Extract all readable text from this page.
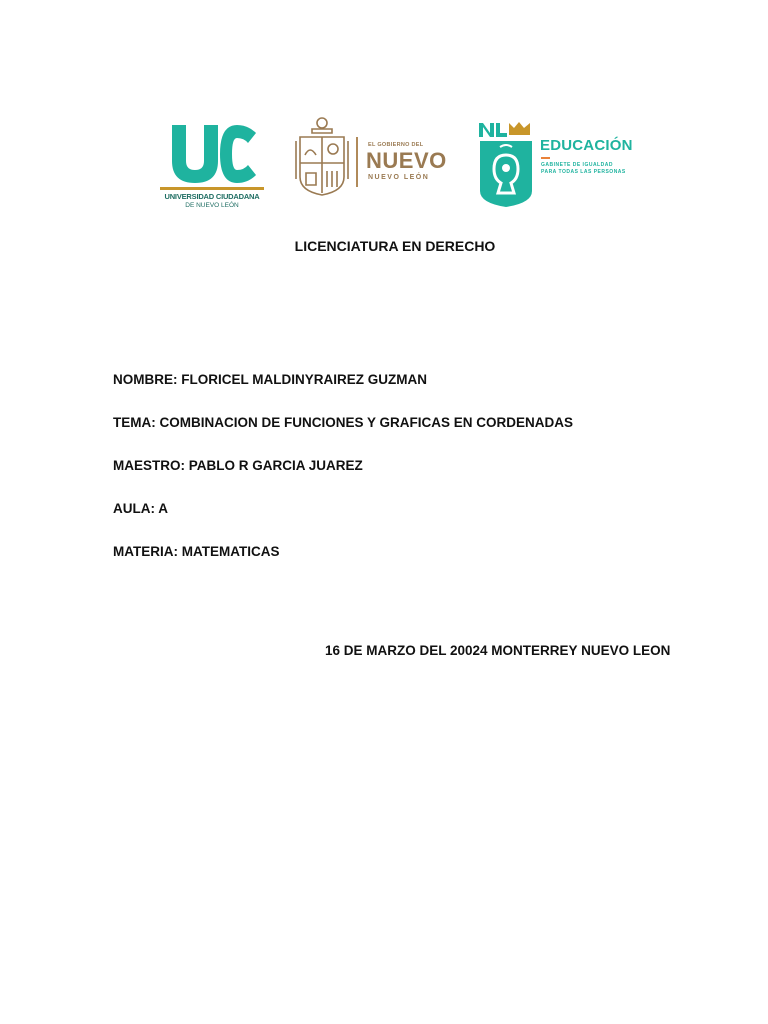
UNIVERSIDAD CIUDADANA
DE NUEVO LEÓN
EL GOBIERNO DEL
NUEVO
NUEVO LEÓN
EDUCACIÓN
GABINETE DE IGUALDAD
PARA TODAS LAS PERSONAS
LICENCIATURA EN DERECHO
NOMBRE: FLORICEL MALDINYRAIREZ GUZMAN
TEMA: COMBINACION DE FUNCIONES Y GRAFICAS EN CORDENADAS
MAESTRO: PABLO R GARCIA JUAREZ
AULA: A
MATERIA: MATEMATICAS
16 DE MARZO DEL 20024 MONTERREY NUEVO LEON
